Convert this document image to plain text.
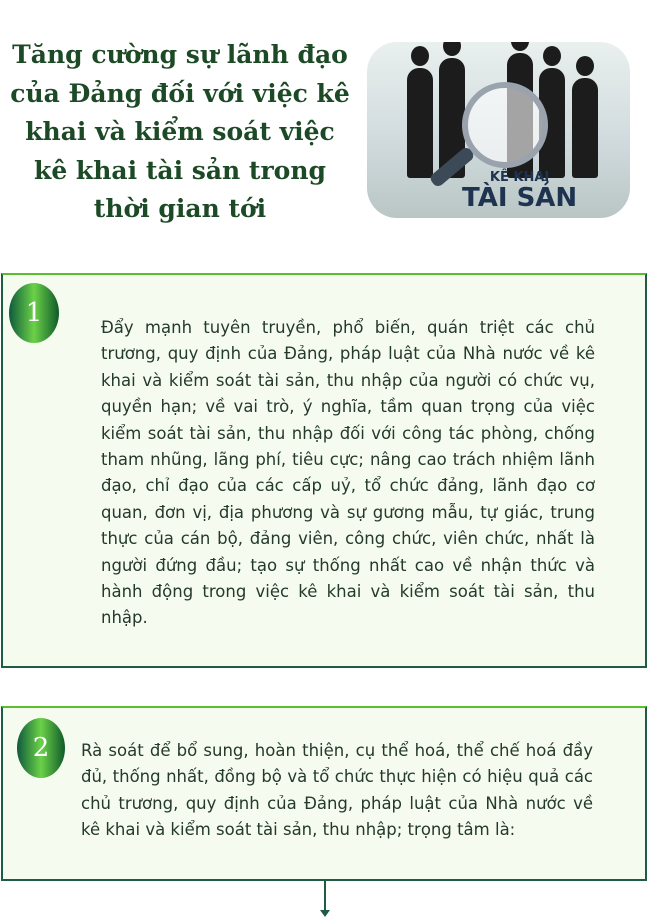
Tăng cường sự lãnh đạo của Đảng đối với việc kê khai và kiểm soát việc kê khai tài sản trong thời gian tới
KÊ KHAI
TÀI SẢN
1	Đẩy mạnh tuyên truyền, phổ biến, quán triệt các chủ trương, quy định của Đảng, pháp luật của Nhà nước về kê khai và kiểm soát tài sản, thu nhập của người có chức vụ, quyền hạn; về vai trò, ý nghĩa, tầm quan trọng của việc kiểm soát tài sản, thu nhập đối với công tác phòng, chống tham nhũng, lãng phí, tiêu cực; nâng cao trách nhiệm lãnh đạo, chỉ đạo của các cấp uỷ, tổ chức đảng, lãnh đạo cơ quan, đơn vị, địa phương và sự gương mẫu, tự giác, trung thực của cán bộ, đảng viên, công chức, viên chức, nhất là người đứng đầu; tạo sự thống nhất cao về nhận thức và hành động trong việc kê khai và kiểm soát tài sản, thu nhập.
2	Rà soát để bổ sung, hoàn thiện, cụ thể hoá, thể chế hoá đầy đủ, thống nhất, đồng bộ và tổ chức thực hiện có hiệu quả các chủ trương, quy định của Đảng, pháp luật của Nhà nước về kê khai và kiểm soát tài sản, thu nhập; trọng tâm là:
